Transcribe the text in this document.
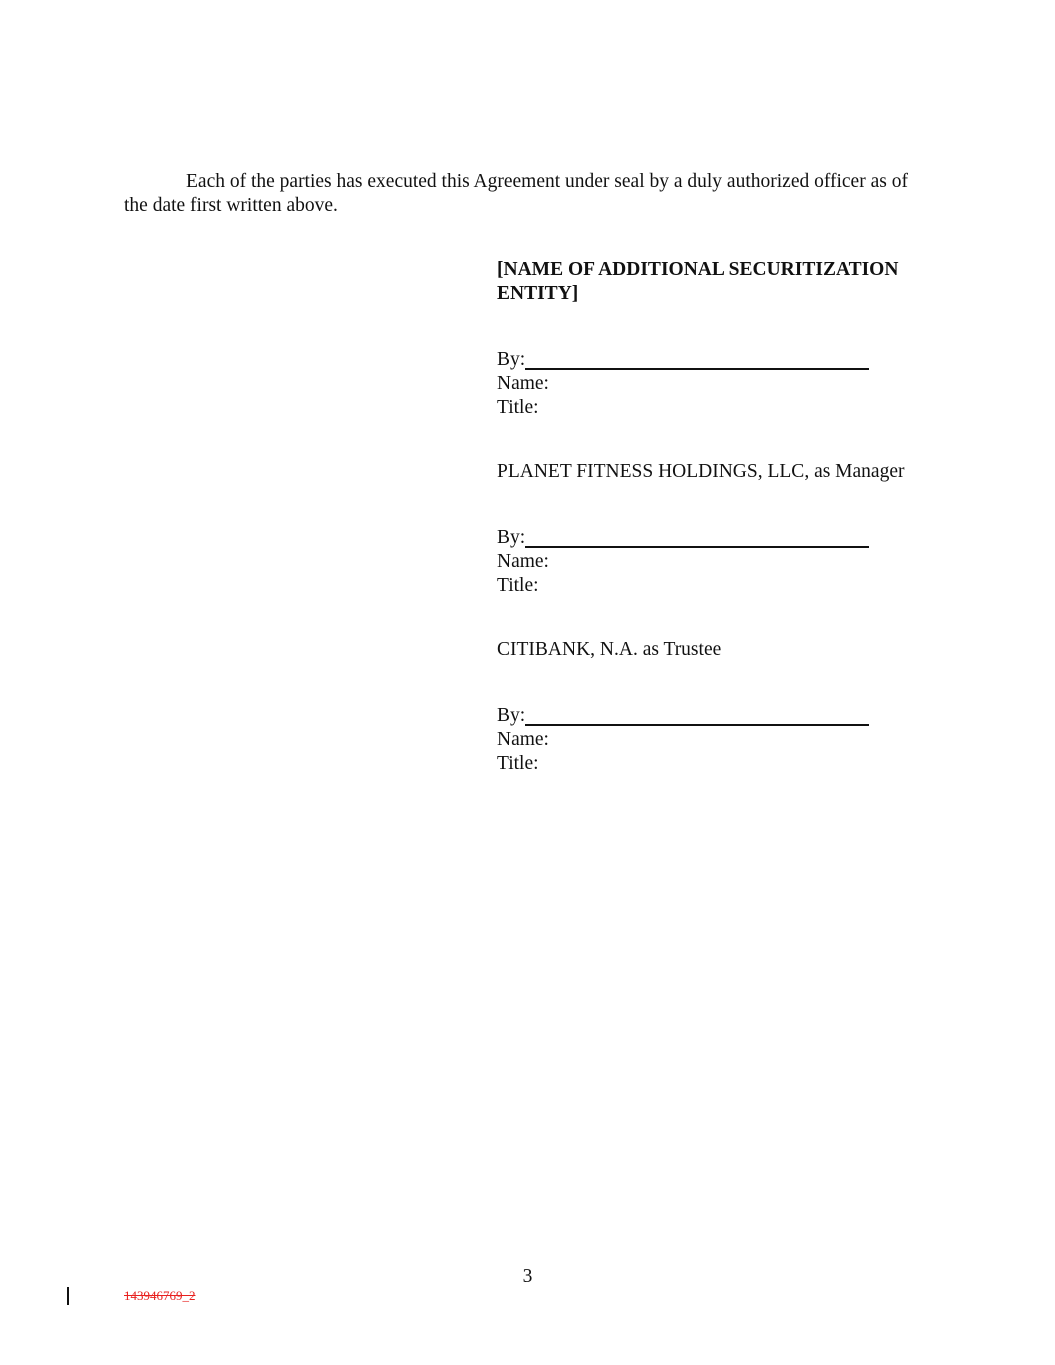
Each of the parties has executed this Agreement under seal by a duly authorized officer as of the date first written above.

[NAME OF ADDITIONAL SECURITIZATION ENTITY]

By:
Name:
Title:

PLANET FITNESS HOLDINGS, LLC, as Manager

By:
Name:
Title:

CITIBANK, N.A. as Trustee

By:
Name:
Title:
3
143946769_2
